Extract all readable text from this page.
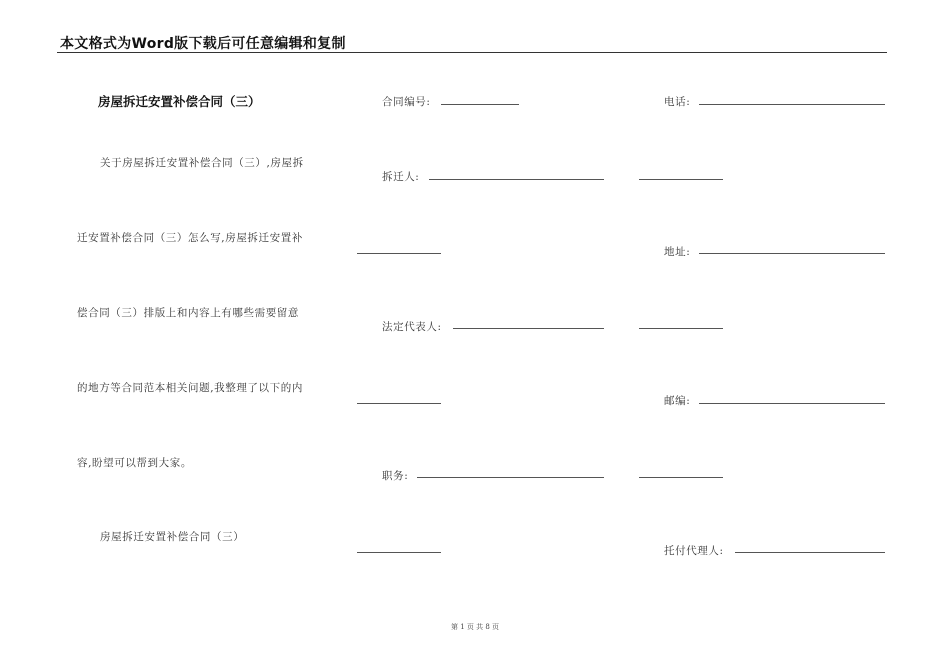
本文格式为Word版下载后可任意编辑和复制
房屋拆迁安置补偿合同（三）
关于房屋拆迁安置补偿合同（三）,房屋拆
迁安置补偿合同（三）怎么写,房屋拆迁安置补
偿合同（三）排版上和内容上有哪些需要留意
的地方等合同范本相关问题,我整理了以下的内
容,盼望可以帮到大家。
房屋拆迁安置补偿合同（三）
合同编号:	电话:
拆迁人:
地址:
法定代表人:
邮编:
职务:
托付代理人:
第 1 页 共 8 页
